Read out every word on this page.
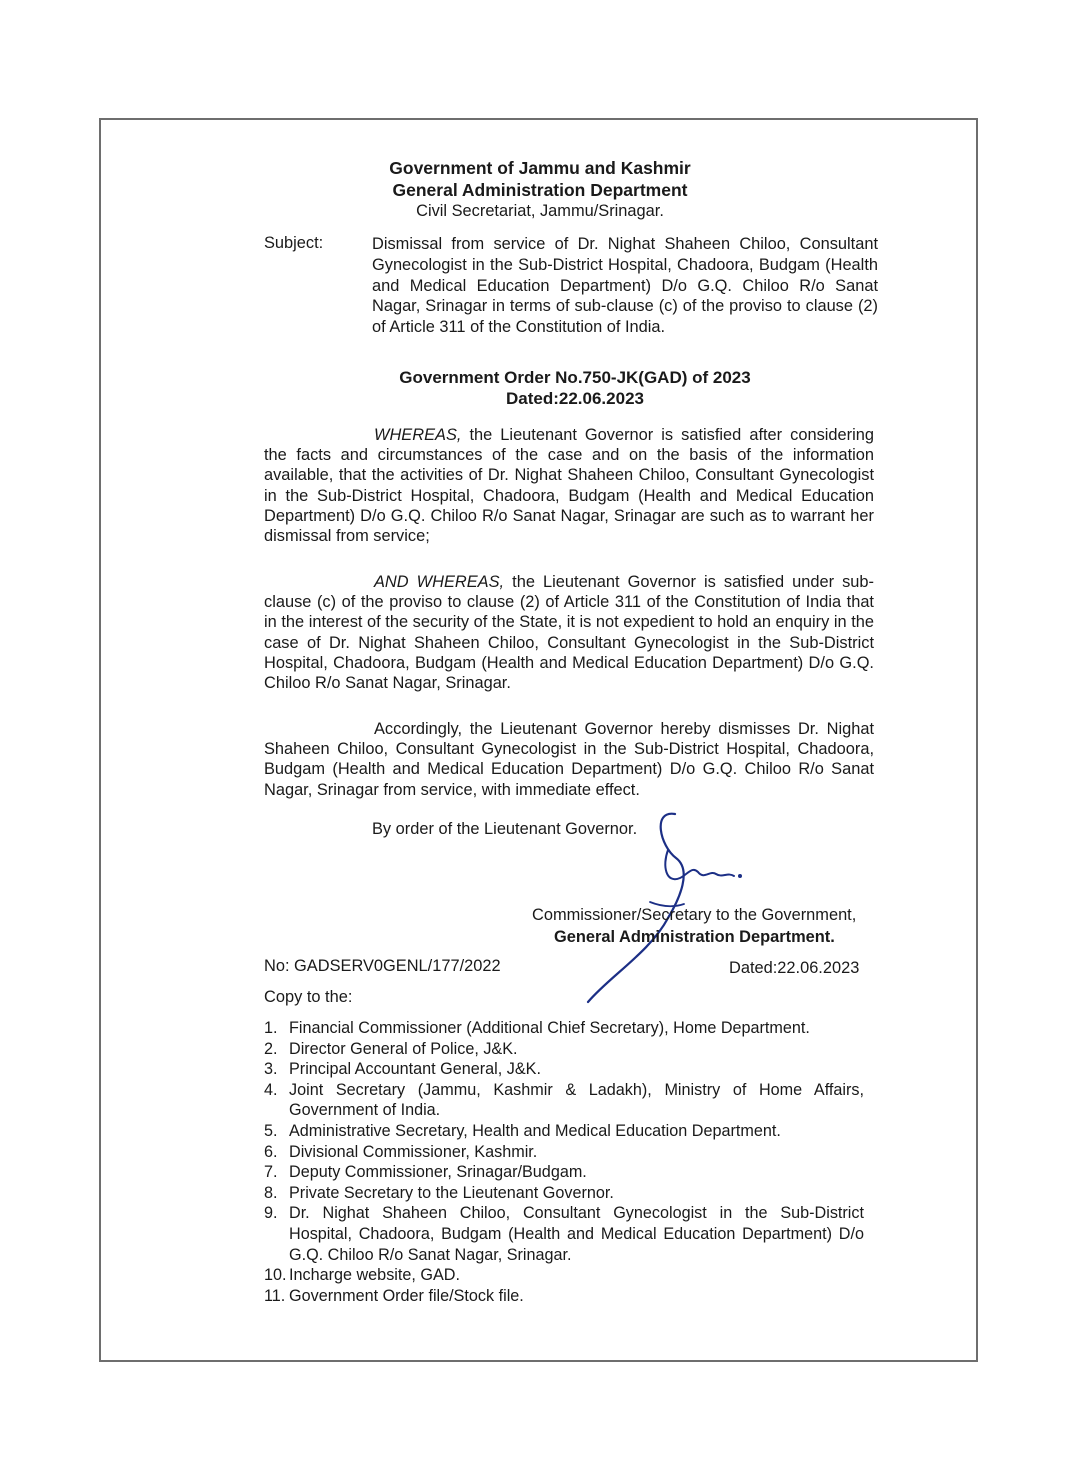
Government of Jammu and Kashmir
General Administration Department
Civil Secretariat, Jammu/Srinagar.
Subject:	Dismissal from service of Dr. Nighat Shaheen Chiloo, Consultant Gynecologist in the Sub-District Hospital, Chadoora, Budgam (Health and Medical Education Department) D/o G.Q. Chiloo R/o Sanat Nagar, Srinagar in terms of sub-clause (c) of the proviso to clause (2) of Article 311 of the Constitution of India.
Government Order No.750-JK(GAD) of 2023
Dated:22.06.2023
WHEREAS, the Lieutenant Governor is satisfied after considering the facts and circumstances of the case and on the basis of the information available, that the activities of Dr. Nighat Shaheen Chiloo, Consultant Gynecologist in the Sub-District Hospital, Chadoora, Budgam (Health and Medical Education Department) D/o G.Q. Chiloo R/o Sanat Nagar, Srinagar are such as to warrant her dismissal from service;
AND WHEREAS, the Lieutenant Governor is satisfied under sub-clause (c) of the proviso to clause (2) of Article 311 of the Constitution of India that in the interest of the security of the State, it is not expedient to hold an enquiry in the case of Dr. Nighat Shaheen Chiloo, Consultant Gynecologist in the Sub-District Hospital, Chadoora, Budgam (Health and Medical Education Department) D/o G.Q. Chiloo R/o Sanat Nagar, Srinagar.
Accordingly, the Lieutenant Governor hereby dismisses Dr. Nighat Shaheen Chiloo, Consultant Gynecologist in the Sub-District Hospital, Chadoora, Budgam (Health and Medical Education Department) D/o G.Q. Chiloo R/o Sanat Nagar, Srinagar from service, with immediate effect.
By order of the Lieutenant Governor.
Commissioner/Secretary to the Government,
General Administration Department.
No: GADSERV0GENL/177/2022	Dated:22.06.2023
Copy to the:
1. Financial Commissioner (Additional Chief Secretary), Home Department.
2. Director General of Police, J&K.
3. Principal Accountant General, J&K.
4. Joint Secretary (Jammu, Kashmir & Ladakh), Ministry of Home Affairs, Government of India.
5. Administrative Secretary, Health and Medical Education Department.
6. Divisional Commissioner, Kashmir.
7. Deputy Commissioner, Srinagar/Budgam.
8. Private Secretary to the Lieutenant Governor.
9. Dr. Nighat Shaheen Chiloo, Consultant Gynecologist in the Sub-District Hospital, Chadoora, Budgam (Health and Medical Education Department) D/o G.Q. Chiloo R/o Sanat Nagar, Srinagar.
10. Incharge website, GAD.
11. Government Order file/Stock file.
